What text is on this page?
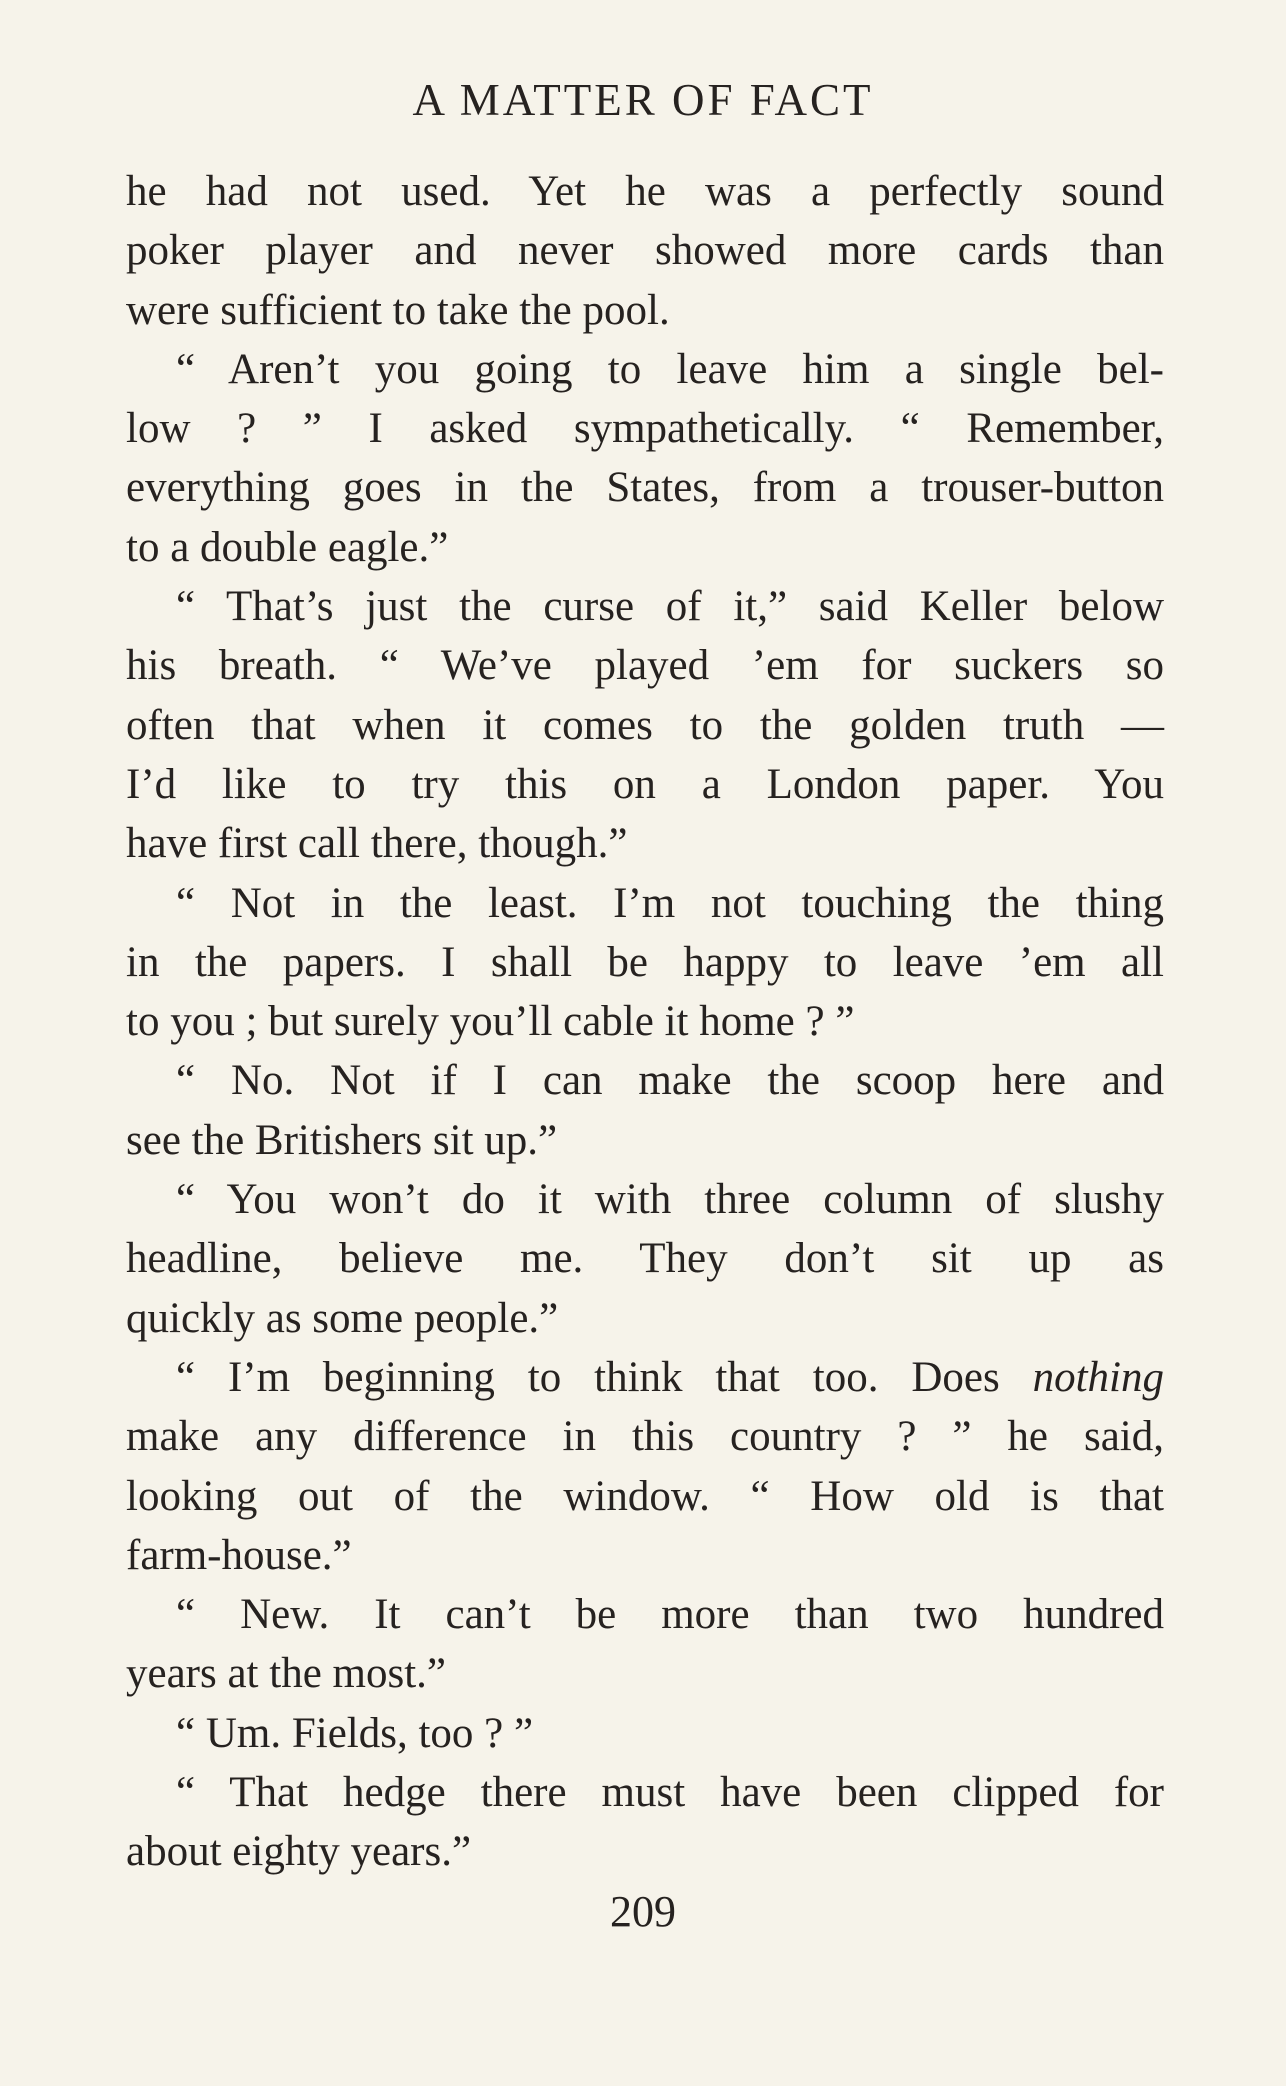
A MATTER OF FACT
he had not used. Yet he was a perfectly sound
poker player and never showed more cards than
were sufficient to take the pool.
“ Aren’t you going to leave him a single bel-
low ? ” I asked sympathetically. “ Remember,
everything goes in the States, from a trouser-button
to a double eagle.”
“ That’s just the curse of it,” said Keller below
his breath. “ We’ve played ’em for suckers so
often that when it comes to the golden truth —
I’d like to try this on a London paper. You
have first call there, though.”
“ Not in the least. I’m not touching the thing
in the papers. I shall be happy to leave ’em all
to you ; but surely you’ll cable it home ? ”
“ No. Not if I can make the scoop here and
see the Britishers sit up.”
“ You won’t do it with three column of slushy
headline, believe me. They don’t sit up as
quickly as some people.”
“ I’m beginning to think that too. Does nothing
make any difference in this country ? ” he said,
looking out of the window. “ How old is that
farm-house.”
“ New. It can’t be more than two hundred
years at the most.”
“ Um. Fields, too ? ”
“ That hedge there must have been clipped for
about eighty years.”
209
